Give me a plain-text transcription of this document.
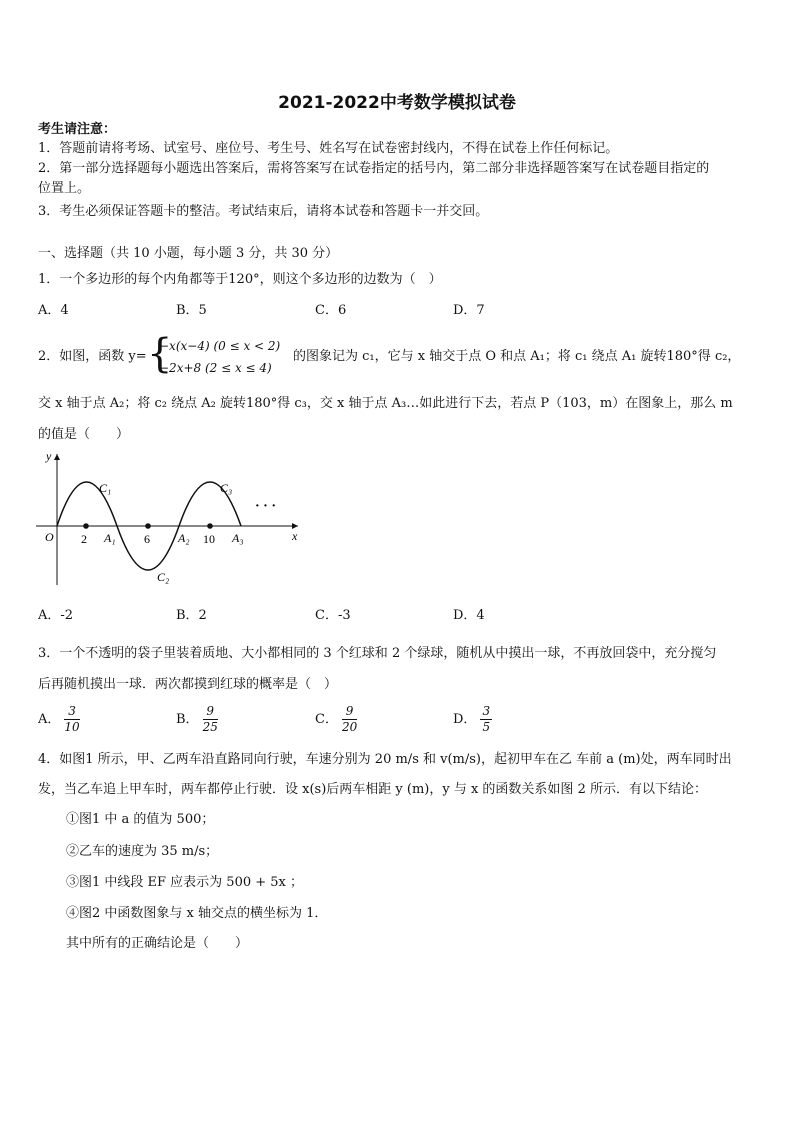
2021-2022中考数学模拟试卷
考生请注意：
1．答题前请将考场、试室号、座位号、考生号、姓名写在试卷密封线内，不得在试卷上作任何标记。
2．第一部分选择题每小题选出答案后，需将答案写在试卷指定的括号内，第二部分非选择题答案写在试卷题目指定的
位置上。
3．考生必须保证答题卡的整洁。考试结束后，请将本试卷和答题卡一并交回。
一、选择题（共 10 小题，每小题 3 分，共 30 分）
1．一个多边形的每个内角都等于120°，则这个多边形的边数为（　）
A．4	B．5	C．6	D．7
2．如图，函数 y= {
−x(x−4) (0 ≤ x < 2)
−2x+8 (2 ≤ x ≤ 4)
的图象记为 c₁，它与 x 轴交于点 O 和点 A₁；将 c₁ 绕点 A₁ 旋转180°得 c₂，
交 x 轴于点 A₂；将 c₂ 绕点 A₂ 旋转180°得 c₃，交 x 轴于点 A₃…如此进行下去，若点 P（103，m）在图象上，那么 m
的值是（　　）
O	x
y
2	6	10
A₁	A₂	A₃
C₁
C₂
C₃
· · ·
A．-2	B．2	C．-3	D．4
3．一个不透明的袋子里装着质地、大小都相同的 3 个红球和 2 个绿球，随机从中摸出一球，不再放回袋中，充分搅匀
后再随机摸出一球．两次都摸到红球的概率是（　）
A． $\frac{3}{10}$	B． $\frac{9}{25}$	C． $\frac{9}{20}$	D． $\frac{3}{5}$
4．如图1 所示，甲、乙两车沿直路同向行驶，车速分别为 20 m/s 和 v(m/s)，起初甲车在乙 车前 a (m)处，两车同时出
发，当乙车追上甲车时，两车都停止行驶．设 x(s)后两车相距 y (m)，y 与 x 的函数关系如图 2 所示．有以下结论：
①图1 中 a 的值为 500；
②乙车的速度为 35 m/s；
③图1 中线段 EF 应表示为 500 + 5x ；
④图2 中函数图象与 x 轴交点的横坐标为 1．
其中所有的正确结论是（　　）
